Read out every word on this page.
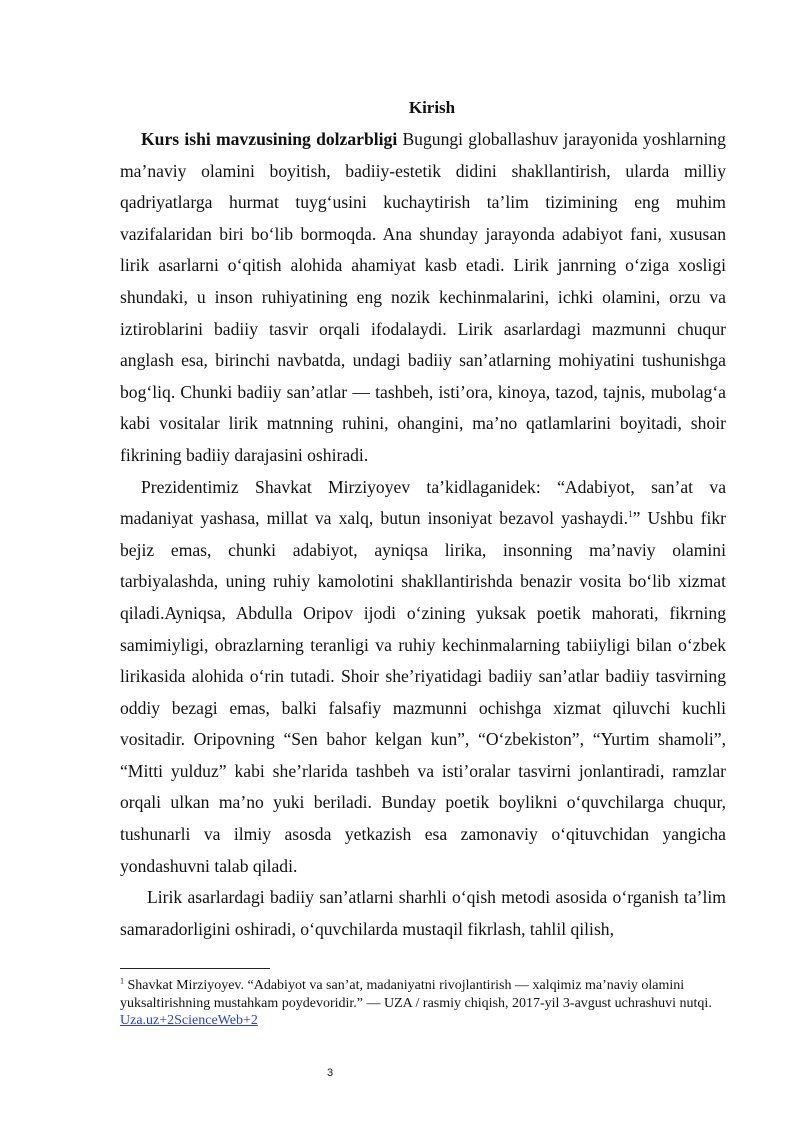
Kirish

Kurs ishi mavzusining dolzarbligi Bugungi globallashuv jarayonida yoshlarning ma’naviy olamini boyitish, badiiy-estetik didini shakllantirish, ularda milliy qadriyatlarga hurmat tuyg‘usini kuchaytirish ta’lim tizimining eng muhim vazifalaridan biri bo‘lib bormoqda. Ana shunday jarayonda adabiyot fani, xususan lirik asarlarni o‘qitish alohida ahamiyat kasb etadi. Lirik janrning o‘ziga xosligi shundaki, u inson ruhiyatining eng nozik kechinmalarini, ichki olamini, orzu va iztiroblarini badiiy tasvir orqali ifodalaydi. Lirik asarlardagi mazmunni chuqur anglash esa, birinchi navbatda, undagi badiiy san’atlarning mohiyatini tushunishga bog‘liq. Chunki badiiy san’atlar — tashbeh, isti’ora, kinoya, tazod, tajnis, mubolag‘a kabi vositalar lirik matnning ruhini, ohangini, ma’no qatlamlarini boyitadi, shoir fikrining badiiy darajasini oshiradi.

Prezidentimiz Shavkat Mirziyoyev ta’kidlaganidek: “Adabiyot, san’at va madaniyat yashasa, millat va xalq, butun insoniyat bezavol yashaydi.$^1$” Ushbu fikr bejiz emas, chunki adabiyot, ayniqsa lirika, insonning ma’naviy olamini tarbiyalashda, uning ruhiy kamolotini shakllantirishda benazir vosita bo‘lib xizmat qiladi.Ayniqsa, Abdulla Oripov ijodi o‘zining yuksak poetik mahorati, fikrning samimiyligi, obrazlarning teranligi va ruhiy kechinmalarning tabiiyligi bilan o‘zbek lirikasida alohida o‘rin tutadi. Shoir she’riyatidagi badiiy san’atlar badiiy tasvirning oddiy bezagi emas, balki falsafiy mazmunni ochishga xizmat qiluvchi kuchli vositadir. Oripovning “Sen bahor kelgan kun”, “O‘zbekiston”, “Yurtim shamoli”, “Mitti yulduz” kabi she’rlarida tashbeh va isti’oralar tasvirni jonlantiradi, ramzlar orqali ulkan ma’no yuki beriladi. Bunday poetik boylikni o‘quvchilarga chuqur, tushunarli va ilmiy asosda yetkazish esa zamonaviy o‘qituvchidan yangicha yondashuvni talab qiladi.

Lirik asarlardagi badiiy san’atlarni sharhli o‘qish metodi asosida o‘rganish ta’lim samaradorligini oshiradi, o‘quvchilarda mustaqil fikrlash, tahlil qilish,

$^1$ Shavkat Mirziyoyev. “Adabiyot va san’at, madaniyatni rivojlantirish — xalqimiz ma’naviy olamini yuksaltirishning mustahkam poydevoridir.” — UZA / rasmiy chiqish, 2017-yil 3-avgust uchrashuvi nutqi. Uza.uz+2ScienceWeb+2
3
